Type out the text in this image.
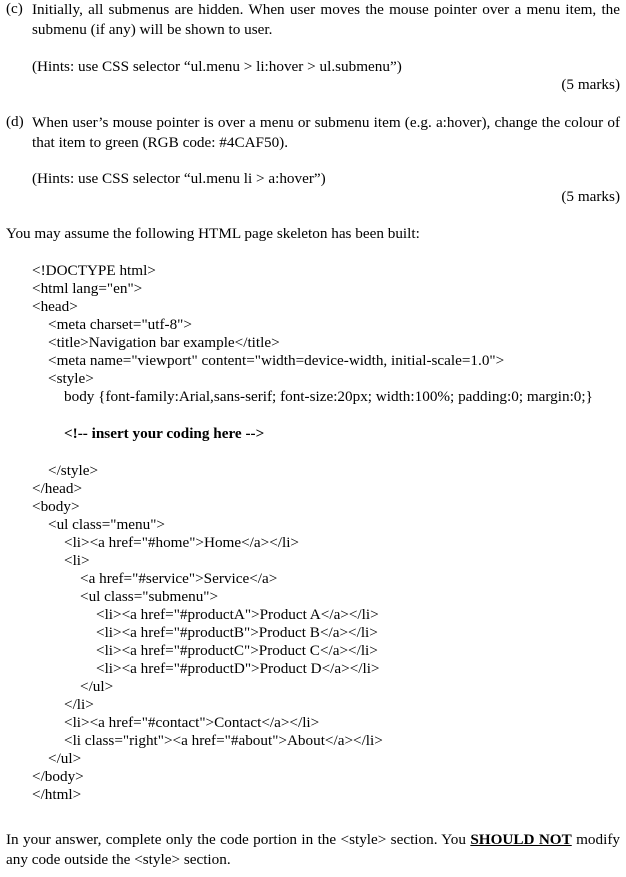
(c) Initially, all submenus are hidden. When user moves the mouse pointer over a menu item, the submenu (if any) will be shown to user.
(Hints: use CSS selector “ul.menu > li:hover > ul.submenu”)
(5 marks)
(d) When user’s mouse pointer is over a menu or submenu item (e.g. a:hover), change the colour of that item to green (RGB code: #4CAF50).
(Hints: use CSS selector “ul.menu li > a:hover”)
(5 marks)
You may assume the following HTML page skeleton has been built:
<!DOCTYPE html>
<html lang="en">
<head>
<meta charset="utf-8">
<title>Navigation bar example</title>
<meta name="viewport" content="width=device-width, initial-scale=1.0">
<style>
body {font-family:Arial,sans-serif; font-size:20px; width:100%; padding:0; margin:0;}
<!-- insert your coding here -->
</style>
</head>
<body>
<ul class="menu">
<li><a href="#home">Home</a></li>
<li>
<a href="#service">Service</a>
<ul class="submenu">
<li><a href="#productA">Product A</a></li>
<li><a href="#productB">Product B</a></li>
<li><a href="#productC">Product C</a></li>
<li><a href="#productD">Product D</a></li>
</ul>
</li>
<li><a href="#contact">Contact</a></li>
<li class="right"><a href="#about">About</a></li>
</ul>
</body>
</html>
In your answer, complete only the code portion in the <style> section. You SHOULD NOT modify any code outside the <style> section.
